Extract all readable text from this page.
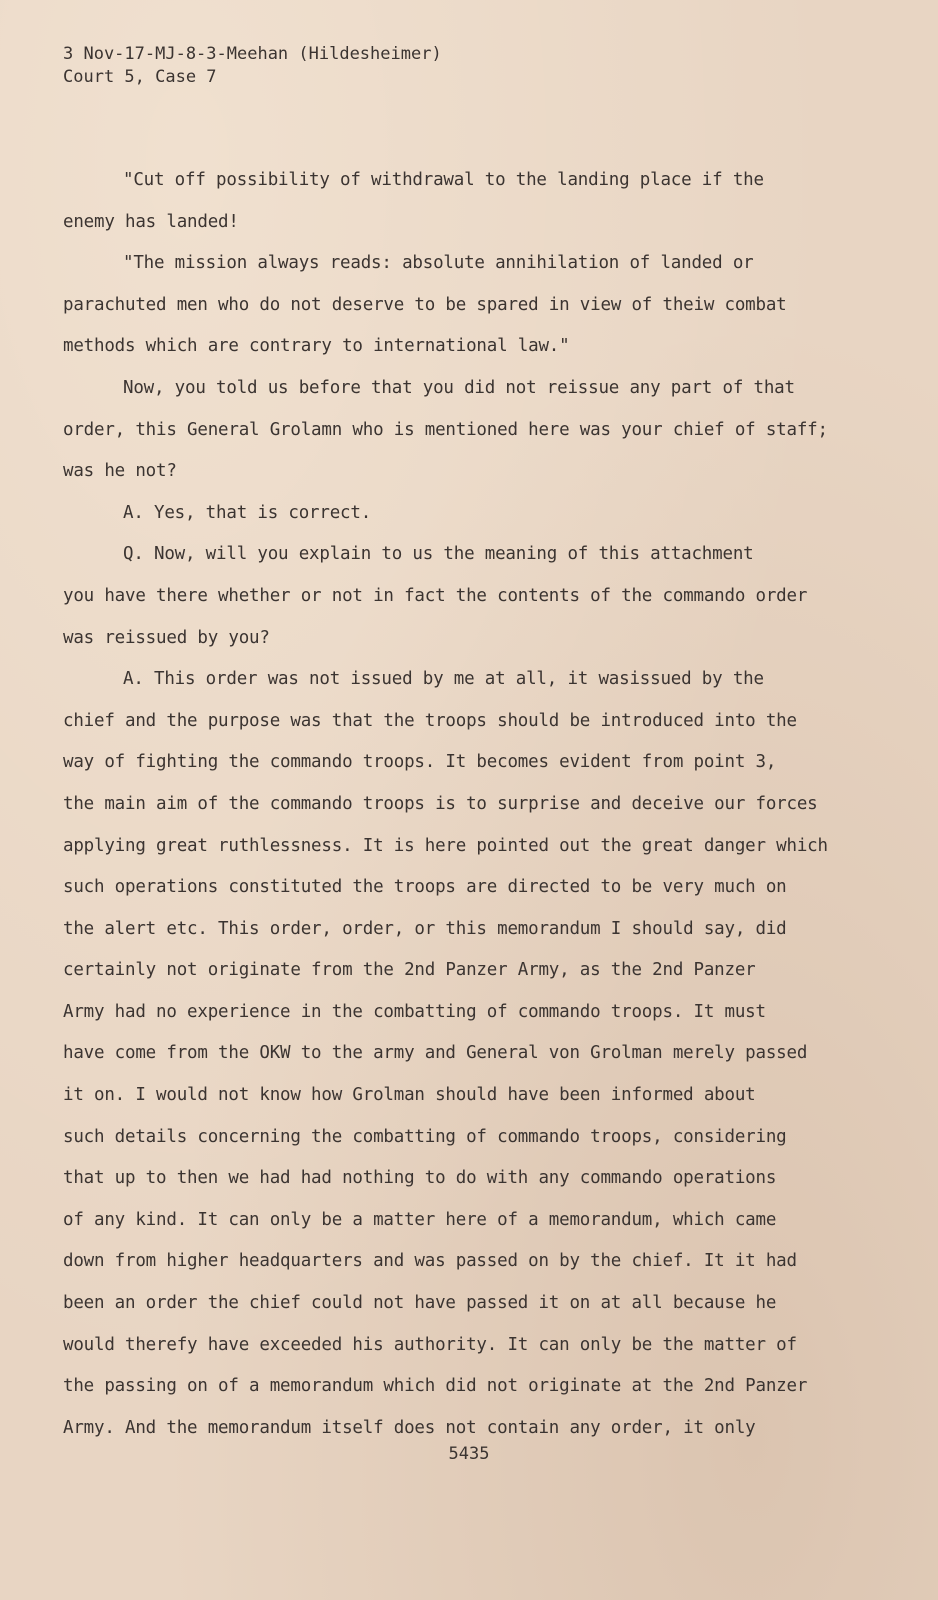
3 Nov-17-MJ-8-3-Meehan (Hildesheimer)
Court 5, Case 7
"Cut off possibility of withdrawal to the landing place if the
enemy has landed!
"The mission always reads: absolute annihilation of landed or
parachuted men who do not deserve to be spared in view of theiw combat
methods which are contrary to international law."
Now, you told us before that you did not reissue any part of that
order, this General Grolamn who is mentioned here was your chief of staff;
was he not?
A. Yes, that is correct.
Q. Now, will you explain to us the meaning of this attachment
you have there whether or not in fact the contents of the commando order
was reissued by you?
A. This order was not issued by me at all, it wasissued by the
chief and the purpose was that the troops should be introduced into the
way of fighting the commando troops. It becomes evident from point 3,
the main aim of the commando troops is to surprise and deceive our forces
applying great ruthlessness. It is here pointed out the great danger which
such operations constituted the troops are directed to be very much on
the alert etc. This order, order, or this memorandum I should say, did
certainly not originate from the 2nd Panzer Army, as the 2nd Panzer
Army had no experience in the combatting of commando troops. It must
have come from the OKW to the army and General von Grolman merely passed
it on. I would not know how Grolman should have been informed about
such details concerning the combatting of commando troops, considering
that up to then we had had nothing to do with any commando operations
of any kind. It can only be a matter here of a memorandum, which came
down from higher headquarters and was passed on by the chief. It it had
been an order the chief could not have passed it on at all because he
would therefy have exceeded his authority. It can only be the matter of
the passing on of a memorandum which did not originate at the 2nd Panzer
Army. And the memorandum itself does not contain any order, it only
5435
